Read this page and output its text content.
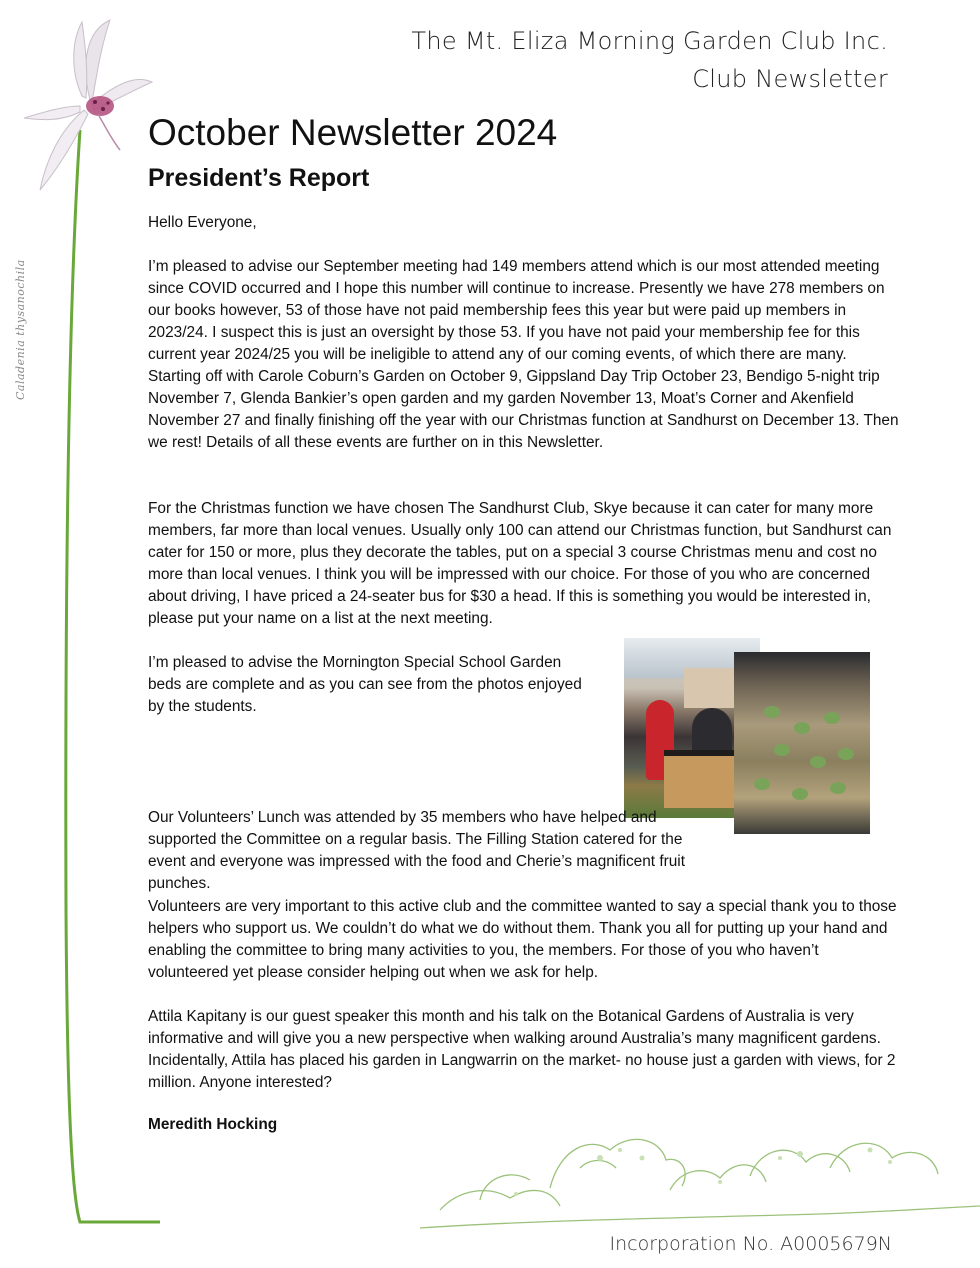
Caladenia thysanochila
The Mt. Eliza Morning Garden Club Inc.
Club Newsletter
October Newsletter 2024
President’s Report

Hello Everyone,

I’m pleased to advise our September meeting had 149 members attend which is our most attended meeting since COVID occurred and I hope this number will continue to increase. Presently we have 278 members on our books however, 53 of those have not paid membership fees this year but were paid up members in 2023/24. I suspect this is just an oversight by those 53. If you have not paid your membership fee for this current year 2024/25 you will be ineligible to attend any of our coming events, of which there are many. Starting off with Carole Coburn’s Garden on October 9, Gippsland Day Trip October 23, Bendigo 5-night trip November 7, Glenda Bankier’s open garden and my garden November 13, Moat’s Corner and Akenfield November 27 and finally finishing off the year with our Christmas function at Sandhurst on December 13. Then we rest! Details of all these events are further on in this Newsletter.

For the Christmas function we have chosen The Sandhurst Club, Skye because it can cater for many more members, far more than local venues. Usually only 100 can attend our Christmas function, but Sandhurst can cater for 150 or more, plus they decorate the tables, put on a special 3 course Christmas menu and cost no more than local venues. I think you will be impressed with our choice. For those of you who are concerned about driving, I have priced a 24-seater bus for $30 a head. If this is something you would be interested in, please put your name on a list at the next meeting.

I’m pleased to advise the Mornington Special School Garden beds are complete and as you can see from the photos enjoyed by the students.

Our Volunteers’ Lunch was attended by 35 members who have helped and supported the Committee on a regular basis. The Filling Station catered for the event and everyone was impressed with the food and Cherie’s magnificent fruit punches.

Volunteers are very important to this active club and the committee wanted to say a special thank you to those helpers who support us. We couldn’t do what we do without them. Thank you all for putting up your hand and enabling the committee to bring many activities to you, the members. For those of you who haven’t volunteered yet please consider helping out when we ask for help.

Attila Kapitany is our guest speaker this month and his talk on the Botanical Gardens of Australia is very informative and will give you a new perspective when walking around Australia’s many magnificent gardens. Incidentally, Attila has placed his garden in Langwarrin on the market- no house just a garden with views, for 2 million. Anyone interested?

Meredith Hocking

Incorporation No. A0005679N
